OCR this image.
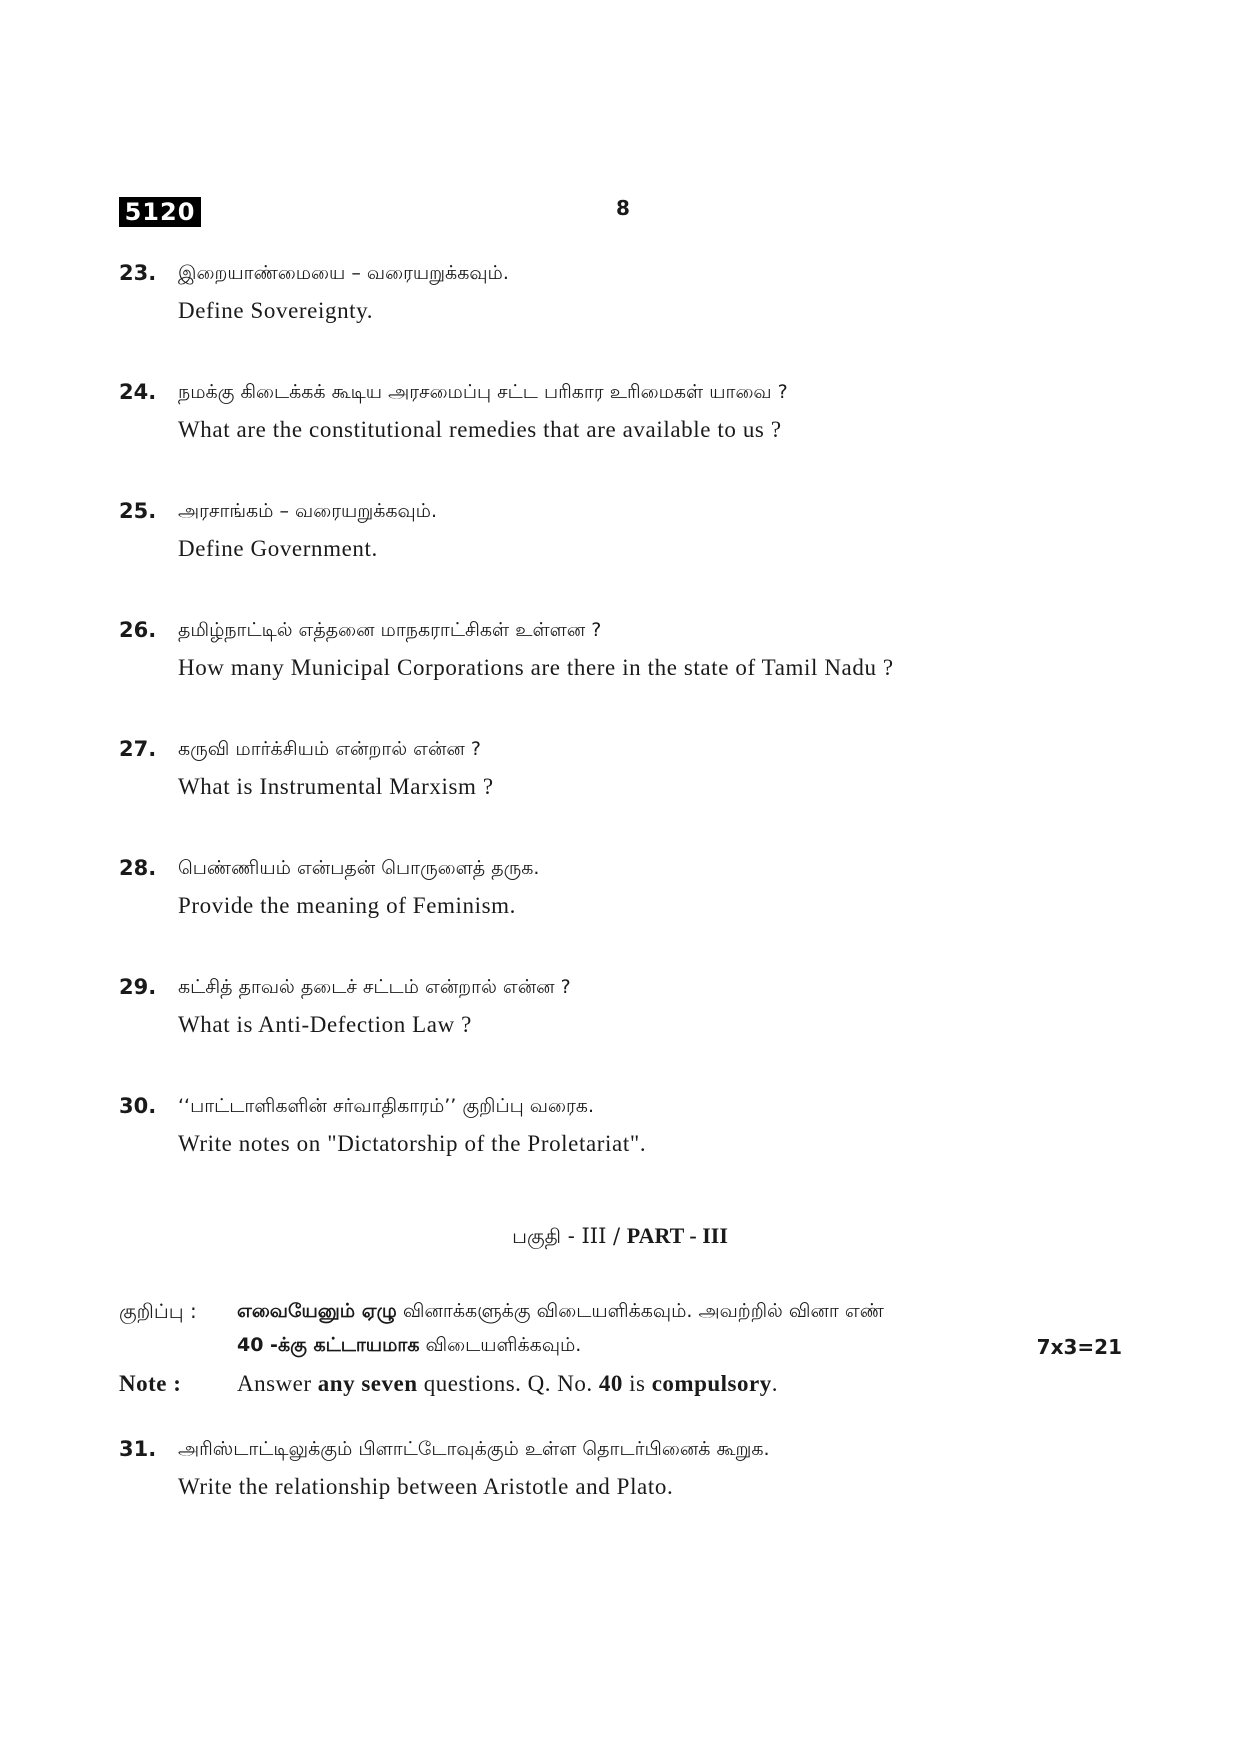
5120	8
23. இறையாண்மையை – வரையறுக்கவும்.
Define Sovereignty.
24. நமக்கு கிடைக்கக் கூடிய அரசமைப்பு சட்ட பரிகார உரிமைகள் யாவை ?
What are the constitutional remedies that are available to us ?
25. அரசாங்கம் – வரையறுக்கவும்.
Define Government.
26. தமிழ்நாட்டில் எத்தனை மாநகராட்சிகள் உள்ளன ?
How many Municipal Corporations are there in the state of Tamil Nadu ?
27. கருவி மார்க்சியம் என்றால் என்ன ?
What is Instrumental Marxism ?
28. பெண்ணியம் என்பதன் பொருளைத் தருக.
Provide the meaning of Feminism.
29. கட்சித் தாவல் தடைச் சட்டம் என்றால் என்ன ?
What is Anti-Defection Law ?
30. ‘‘பாட்டாளிகளின் சர்வாதிகாரம்’’ குறிப்பு வரைக.
Write notes on "Dictatorship of the Proletariat".
பகுதி - III / PART - III
குறிப்பு : எவையேனும் ஏழு வினாக்களுக்கு விடையளிக்கவும். அவற்றில் வினா எண்
40 -க்கு கட்டாயமாக விடையளிக்கவும்.	7x3=21
Note : Answer any seven questions. Q. No. 40 is compulsory.
31. அரிஸ்டாட்டிலுக்கும் பிளாட்டோவுக்கும் உள்ள தொடர்பினைக் கூறுக.
Write the relationship between Aristotle and Plato.
